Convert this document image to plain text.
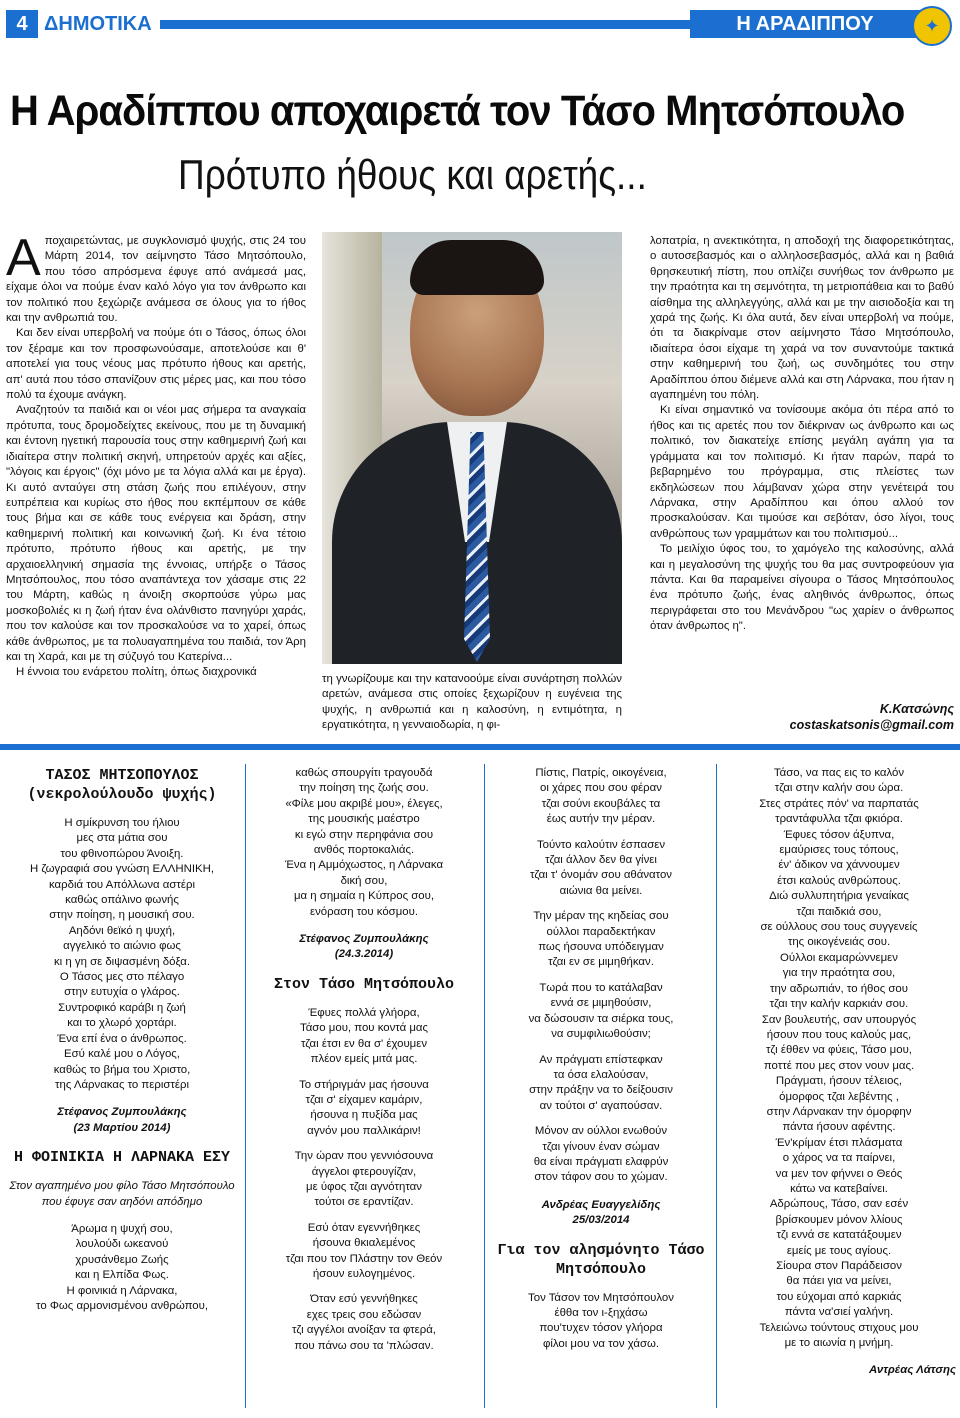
4 ΔΗΜΟΤΙΚΑ	Η ΑΡΑΔΙΠΠΟΥ	✦
Η Αραδίππου αποχαιρετά τον Τάσο Μητσόπουλο
Πρότυπο ήθους και αρετής...

Αποχαιρετώντας, με συγκλονισμό ψυχής, στις 24 του Μάρτη 2014, τον αείμνηστο Τάσο Μητσόπουλο, που τόσο απρόσμενα έφυγε από ανάμεσά μας, είχαμε όλοι να πούμε έναν καλό λόγο για τον άνθρωπο και τον πολιτικό που ξεχώριζε ανάμεσα σε όλους για το ήθος και την ανθρωπιά του.

Και δεν είναι υπερβολή να πούμε ότι ο Τάσος, όπως όλοι τον ξέραμε και τον προσφωνούσαμε, αποτελούσε και θ' αποτελεί για τους νέους μας πρότυπο ήθους και αρετής, απ' αυτά που τόσο σπανίζουν στις μέρες μας, και που τόσο πολύ τα έχουμε ανάγκη.

Αναζητούν τα παιδιά και οι νέοι μας σήμερα τα αναγκαία πρότυπα, τους δρομοδείχτες εκείνους, που με τη δυναμική και έντονη ηγετική παρουσία τους στην καθημερινή ζωή και ιδιαίτερα στην πολιτική σκηνή, υπηρετούν αρχές και αξίες, "λόγοις και έργοις" (όχι μόνο με τα λόγια αλλά και με έργα). Κι αυτό ανταύγει στη στάση ζωής που επιλέγουν, στην ευπρέπεια και κυρίως στο ήθος που εκπέμπουν σε κάθε τους βήμα και σε κάθε τους ενέργεια και δράση, στην καθημερινή πολιτική και κοινωνική ζωή. Κι ένα τέτοιο πρότυπο, πρότυπο ήθους και αρετής, με την αρχαιοελληνική σημασία της έννοιας, υπήρξε ο Τάσος Μητσόπουλος, που τόσο αναπάντεχα τον χάσαμε στις 22 του Μάρτη, καθώς η άνοιξη σκορπούσε γύρω μας μοσκοβολιές κι η ζωή ήταν ένα ολάνθιστο πανηγύρι χαράς, που τον καλούσε και τον προσκαλούσε να το χαρεί, όπως κάθε άνθρωπος, με τα πολυαγαπημένα του παιδιά, τον Άρη και τη Χαρά, και με τη σύζυγό του Κατερίνα...

Η έννοια του ενάρετου πολίτη, όπως διαχρονικά

τη γνωρίζουμε και την κατανοούμε είναι συνάρτηση πολλών αρετών, ανάμεσα στις οποίες ξεχωρίζουν η ευγένεια της ψυχής, η ανθρωπιά και η καλοσύνη, η εντιμότητα, η εργατικότητα, η γενναιοδωρία, η φι-

λοπατρία, η ανεκτικότητα, η αποδοχή της διαφορετικότητας, ο αυτοσεβασμός και ο αλληλοσεβασμός, αλλά και η βαθιά θρησκευτική πίστη, που οπλίζει συνήθως τον άνθρωπο με την πραότητα και τη σεμνότητα, τη μετριοπάθεια και το βαθύ αίσθημα της αλληλεγγύης, αλλά και με την αισιοδοξία και τη χαρά της ζωής. Κι όλα αυτά, δεν είναι υπερβολή να πούμε, ότι τα διακρίναμε στον αείμνηστο Τάσο Μητσόπουλο, ιδιαίτερα όσοι είχαμε τη χαρά να τον συναντούμε τακτικά στην καθημερινή του ζωή, ως συνδημότες του στην Αραδίππου όπου διέμενε αλλά και στη Λάρνακα, που ήταν η αγαπημένη του πόλη.

Κι είναι σημαντικό να τονίσουμε ακόμα ότι πέρα από το ήθος και τις αρετές που τον διέκριναν ως άνθρωπο και ως πολιτικό, τον διακατείχε επίσης μεγάλη αγάπη για τα γράμματα και τον πολιτισμό. Κι ήταν παρών, παρά το βεβαρημένο του πρόγραμμα, στις πλείστες των εκδηλώσεων που λάμβαναν χώρα στην γενέτειρά του Λάρνακα, στην Αραδίππου και όπου αλλού τον προσκαλούσαν. Και τιμούσε και σεβόταν, όσο λίγοι, τους ανθρώπους των γραμμάτων και του πολιτισμού...

Το μειλίχιο ύφος του, το χαμόγελο της καλοσύνης, αλλά και η μεγαλοσύνη της ψυχής του θα μας συντροφεύουν για πάντα. Και θα παραμείνει σίγουρα ο Τάσος Μητσόπουλος ένα πρότυπο ζωής, ένας αληθινός άνθρωπος, όπως περιγράφεται στο του Μενάνδρου "ως χαρίεν ο άνθρωπος όταν άνθρωπος η".

Κ.Κατσώνης
costaskatsonis@gmail.com
ΤΑΣΟΣ ΜΗΤΣΟΠΟΥΛΟΣ (νεκρολούλουδο ψυχής)
Η σμίκρυνση του ήλιου
μες στα μάτια σου
του φθινοπώρου Άνοιξη.
Η ζωγραφιά σου γνώση ΕΛΛΗΝΙΚΗ,
καρδιά του Απόλλωνα αστέρι
καθώς οπάλινο φωνής
στην ποίηση, η μουσική σου.
Αηδόνι θεϊκό η ψυχή,
αγγελικό το αιώνιο φως
κι η γη σε διψασμένη δόξα.
Ο Τάσος μες στο πέλαγο
στην ευτυχία ο γλάρος.
Συντροφικό καράβι η ζωή
και το χλωρό χορτάρι.
Ένα επί ένα ο άνθρωπος.
Εσύ καλέ μου ο Λόγος,
καθώς το βήμα του Χριστο,
της Λάρνακας το περιστέρι
Στέφανος Ζυμπουλάκης
(23 Μαρτίου 2014)
Η ΦΟΙΝΙΚΙΑ Η ΛΑΡΝΑΚΑ ΕΣΥ
Στον αγαπημένο μου φίλο Τάσο Μητσόπουλο που έφυγε σαν αηδόνι απόδημο
Άρωμα η ψυχή σου,
λουλούδι ωκεανού
χρυσάνθεμο Ζωής
και η Ελπίδα Φως.
Η φοινικιά η Λάρνακα,
το Φως αρμονισμένου ανθρώπου,
καθώς σπουργίτι τραγουδά
την ποίηση της ζωής σου.
«Φίλε μου ακριβέ μου», έλεγες,
της μουσικής μαέστρο
κι εγώ στην περηφάνια σου
ανθός πορτοκαλιάς.
Ένα η Αμμόχωστος, η Λάρνακα
δική σου,
μα η σημαία η Κύπρος σου,
ενόραση του κόσμου.
Στέφανος Ζυμπουλάκης
(24.3.2014)
Στον Τάσο Μητσόπουλο
Έφυες πολλά γλήορα,
Τάσο μου, που κοντά μας
τζαι έτσι εν θα σ' έχουμεν
πλέον εμείς μιτά μας.
Το στήριγμάν μας ήσουνα
τζαι σ' είχαμεν καμάριν,
ήσουνα η πυξίδα μας
αγνόν μου παλλικάριν!
Την ώραν που γεννιόσουνα
άγγελοι φτερουγίζαν,
με ύφος τζαι αγνότηταν
τούτοι σε εραντίζαν.
Εσύ όταν εγεννήθηκες
ήσουνα θκιαλεμένος
τζαι που τον Πλάστην τον Θεόν
ήσουν ευλογημένος.
Όταν εσύ γεννήθηκες
εχες τρεις σου εδώσαν
τζι αγγέλοι ανοίξαν τα φτερά,
που πάνω σου τα 'πλώσαν.
Πίστις, Πατρίς, οικογένεια,
οι χάρες που σου φέραν
τζαι σούνι εκουβάλες τα
έως αυτήν την μέραν.
Τούντο καλούτιν έσπασεν
τζαι άλλον δεν θα γίνει
τζαι τ' όνομάν σου αθάνατον
αιώνια θα μείνει.
Την μέραν της κηδείας σου
ούλλοι παραδεκτήκαν
πως ήσουνα υπόδειγμαν
τζαι εν σε μιμηθήκαν.
Τωρά που το κατάλαβαν
εννά σε μιμηθούσιν,
να δώσουσιν τα σιέρκα τους,
να συμφιλιωθούσιν;
Αν πράγματι επίστεφκαν
τα όσα ελαλούσαν,
στην πράξην να το δείξουσιν
αν τούτοι σ' αγαπούσαν.
Μόνον αν ούλλοι ενωθούν
τζαι γίνουν έναν σώμαν
θα είναι πράγματι ελαφρύν
στον τάφον σου το χώμαν.
Ανδρέας Ευαγγελίδης
25/03/2014
Για τον αλησμόνητο Τάσο Μητσόπουλο
Τον Τάσον τον Μητσόπουλον
έθθα τον ι-ξηχάσω
που'τυχεν τόσον γλήορα
φίλοι μου να τον χάσω.
Τάσο, να πας εις το καλόν
τζαι στην καλήν σου ώρα.
Στες στράτες πόν' να παρπατάς
τραντάφυλλα τζαι φκιόρα.
Έφυες τόσον άξυπνα,
εμαύρισες τους τόπους,
έν' άδικον να χάννουμεν
έτσι καλούς ανθρώπους.
Διώ συλλυπητήρια γεναίκας
τζαι παιδκιά σου,
σε ούλλους σου τους συγγενείς
της οικογένειάς σου.
Ούλλοι εκαμαρώννεμεν
για την πραότητα σου,
την αδρωπιάν, το ήθος σου
τζαι την καλήν καρκιάν σου.
Σαν βουλευτής, σαν υπουργός
ήσουν που τους καλούς μας,
τζι έθθεν να φύεις, Τάσο μου,
ποττέ που μες στον νουν μας.
Πράγματι, ήσουν τέλειος,
όμορφος τζαι λεβέντης ,
στην Λάρνακαν την όμορφην
πάντα ήσουν αφέντης.
Έν'κρίμαν έτσι πλάσματα
ο χάρος να τα παίρνει,
να μεν τον φήννει ο Θεός
κάτω να κατεβαίνει.
Αδρώπους, Τάσο, σαν εσέν
βρίσκουμεν μόνον λλίους
τζι εννά σε κατατάξουμεν
εμείς με τους αγίους.
Σίουρα στον Παράδεισον
θα πάει για να μείνει,
του εύχομαι από καρκιάς
πάντα να'σιεί γαλήνη.
Τελειώνω τούντους στιχους μου
με το αιωνία η μνήμη.
Αντρέας Λάτσης
